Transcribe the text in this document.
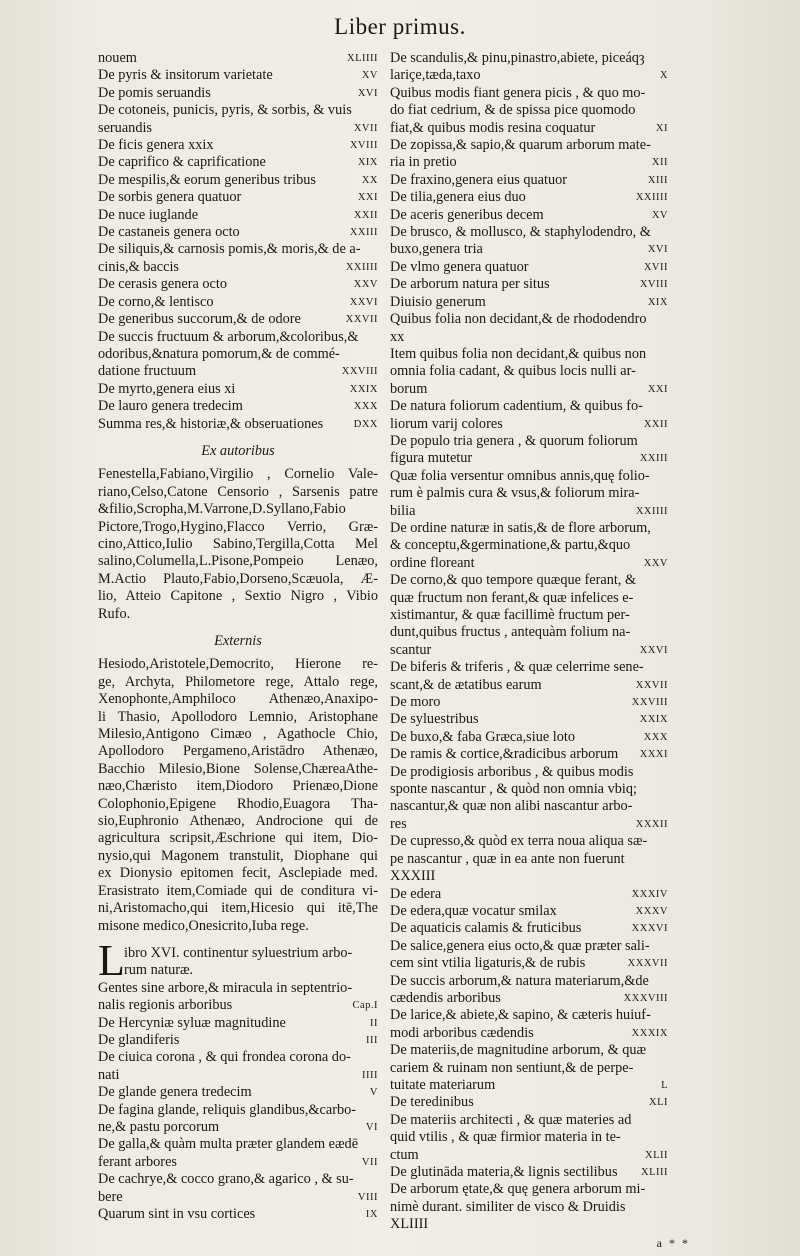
Liber primus.
nouem	XLIIII
De pyris & insitorum varietate	XV
De pomis seruandis	XVI
De cotoneis, punicis, pyris, & sorbis, & vuis
seruandis	XVII
De ficis genera xxix	XVIII
De caprifico & caprificatione	XIX
De mespilis,& eorum generibus tribus	XX
De sorbis genera quatuor	XXI
De nuce iuglande	XXII
De castaneis genera octo	XXIII
De siliquis,& carnosis pomis,& moris,& de a-
cinis,& baccis	XXIIII
De cerasis genera octo	XXV
De corno,& lentisco	XXVI
De generibus succorum,& de odore	XXVII
De succis fructuum & arborum,&coloribus,&
odoribus,&natura pomorum,& de commé-
datione fructuum	XXVIII
De myrto,genera eius xi	XXIX
De lauro genera tredecim	XXX
Summa res,& historiæ,& obseruationes	DXX
Ex autoribus
Fenestella,Fabiano,Virgilio , Cornelio Vale-
riano,Celso,Catone Censorio , Sarsenis patre
&filio,Scropha,M.Varrone,D.Syllano,Fabio
Pictore,Trogo,Hygino,Flacco Verrio, Græ-
cino,Attico,Iulio Sabino,Tergilla,Cotta Mel
salino,Columella,L.Pisone,Pompeio Lenæo,
M.Actio Plauto,Fabio,Dorseno,Scæuola, Æ-
lio, Atteio Capitone , Sextio Nigro , Vibio
Rufo.
Externis
Hesiodo,Aristotele,Democrito, Hierone re-
ge, Archyta, Philometore rege, Attalo rege,
Xenophonte,Amphiloco Athenæo,Anaxipo-
li Thasio, Apollodoro Lemnio, Aristophane
Milesio,Antigono Cimæo , Agathocle Chio,
Apollodoro Pergameno,Aristādro Athenæo,
Bacchio Milesio,Bione Solense,ChæreaAthe-
næo,Chæristo item,Diodoro Prienæo,Dione
Colophonio,Epigene Rhodio,Euagora Tha-
sio,Euphronio Athenæo, Androcione qui de
agricultura scripsit,Æschrione qui item, Dio-
nysio,qui Magonem transtulit, Diophane qui
ex Dionysio epitomen fecit, Asclepiade med.
Erasistrato item,Comiade qui de conditura vi-
ni,Aristomacho,qui item,Hicesio qui itē,The
misone medico,Onesicrito,Iuba rege.
L ibro XVI. continentur syluestrium arbo-
rum naturæ.
Gentes sine arbore,& miracula in septentrio-
nalis regionis arboribus	Cap.I
De Hercyniæ syluæ magnitudine	II
De glandiferis	III
De ciuica corona , & qui frondea corona do-
nati	IIII
De glande genera tredecim	V
De fagina glande, reliquis glandibus,&carbo-
ne,& pastu porcorum	VI
De galla,& quàm multa præter glandem eædē
ferant arbores	VII
De cachrye,& cocco grano,& agarico , & su-
bere	VIII
Quarum sint in vsu cortices	IX
De scandulis,& pinu,pinastro,abiete, piceáqȝ
lariçe,tæda,taxo	X
Quibus modis fiant genera picis , & quo mo-
do fiat cedrium, & de spissa pice quomodo
fiat,& quibus modis resina coquatur	XI
De zopissa,& sapio,& quarum arborum mate-
ria in pretio	XII
De fraxino,genera eius quatuor	XIII
De tilia,genera eius duo	XXIIII
De aceris generibus decem	XV
De brusco, & mollusco, & staphylodendro, &
buxo,genera tria	XVI
De vlmo genera quatuor	XVII
De arborum natura per situs	XVIII
Diuisio generum	XIX
Quibus folia non decidant,& de rhododendro
xx
Item quibus folia non decidant,& quibus non
omnia folia cadant, & quibus locis nulli ar-
borum	XXI
De natura foliorum cadentium, & quibus fo-
liorum varij colores	XXII
De populo tria genera , & quorum foliorum
figura mutetur	XXIII
Quæ folia versentur omnibus annis,quę folio-
rum è palmis cura & vsus,& foliorum mira-
bilia	XXIIII
De ordine naturæ in satis,& de flore arborum,
& conceptu,&germinatione,& partu,&quo
ordine floreant	XXV
De corno,& quo tempore quæque ferant, &
quæ fructum non ferant,& quæ infelices e-
xistimantur, & quæ facillimè fructum per-
dunt,quibus fructus , antequàm folium na-
scantur	XXVI
De biferis & triferis , & quæ celerrime sene-
scant,& de ætatibus earum	XXVII
De moro	XXVIII
De syluestribus	XXIX
De buxo,& faba Græca,siue loto	XXX
De ramis & cortice,&radicibus arborum	XXXI
De prodigiosis arboribus , & quibus modis
sponte nascantur , & quòd non omnia vbiq;
nascantur,& quæ non alibi nascantur arbo-
res	XXXII
De cupresso,& quòd ex terra noua aliqua sæ-
pe nascantur , quæ in ea ante non fuerunt
XXXIII
De edera	XXXIV
De edera,quæ vocatur smilax	XXXV
De aquaticis calamis & fruticibus	XXXVI
De salice,genera eius octo,& quæ præter sali-
cem sint vtilia ligaturis,& de rubis	XXXVII
De succis arborum,& natura materiarum,&de
cædendis arboribus	XXXVIII
De larice,& abiete,& sapino, & cæteris huiuf-
modi arboribus cædendis	XXXIX
De materiis,de magnitudine arborum, & quæ
cariem & ruinam non sentiunt,& de perpe-
tuitate materiarum	L
De teredinibus	XLI
De materiis architecti , & quæ materies ad
quid vtilis , & quæ firmior materia in te-
ctum	XLII
De glutināda materia,& lignis sectilibus	XLIII
De arborum ętate,& quę genera arborum mi-
nimè durant. similiter de visco & Druidis
XLIIII
a * *
